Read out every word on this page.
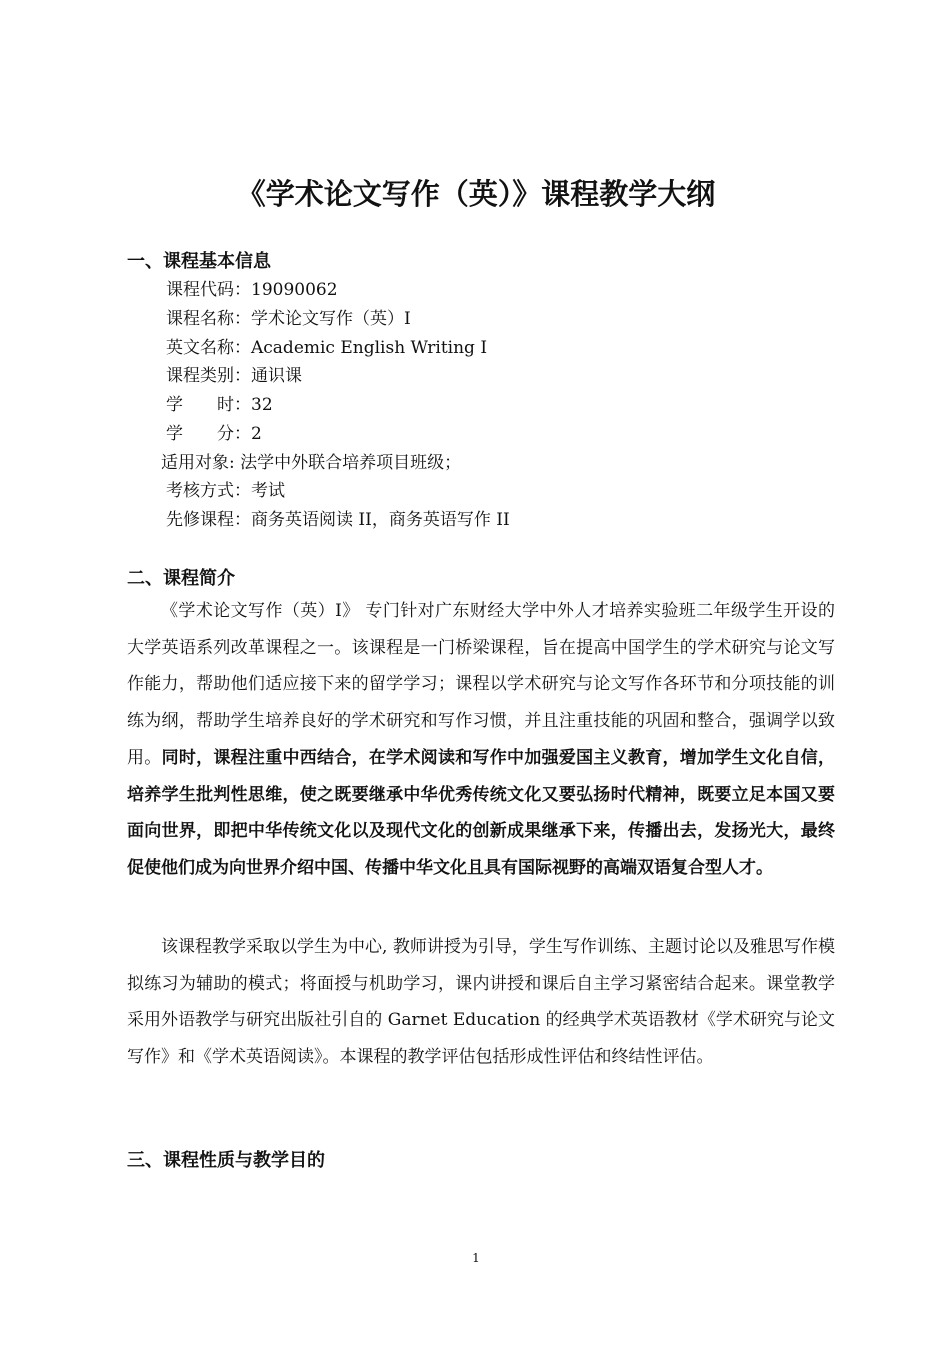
《学术论文写作（英）》课程教学大纲
一、课程基本信息
课程代码：19090062
课程名称：学术论文写作（英）I
英文名称：Academic English Writing I
课程类别：通识课
学　　时：32
学　　分：2
适用对象: 法学中外联合培养项目班级；
考核方式：考试
先修课程：商务英语阅读 II，商务英语写作 II
二、课程简介

《学术论文写作（英）I》 专门针对广东财经大学中外人才培养实验班二年级学生开设的大学英语系列改革课程之一。该课程是一门桥梁课程，旨在提高中国学生的学术研究与论文写作能力，帮助他们适应接下来的留学学习；课程以学术研究与论文写作各环节和分项技能的训练为纲，帮助学生培养良好的学术研究和写作习惯，并且注重技能的巩固和整合，强调学以致用。同时，课程注重中西结合，在学术阅读和写作中加强爱国主义教育，增加学生文化自信，培养学生批判性思维，使之既要继承中华优秀传统文化又要弘扬时代精神，既要立足本国又要面向世界，即把中华传统文化以及现代文化的创新成果继承下来，传播出去，发扬光大，最终促使他们成为向世界介绍中国、传播中华文化且具有国际视野的高端双语复合型人才。

该课程教学采取以学生为中心, 教师讲授为引导，学生写作训练、主题讨论以及雅思写作模拟练习为辅助的模式；将面授与机助学习，课内讲授和课后自主学习紧密结合起来。课堂教学采用外语教学与研究出版社引自的 Garnet Education 的经典学术英语教材《学术研究与论文写作》和《学术英语阅读》。本课程的教学评估包括形成性评估和终结性评估。

三、课程性质与教学目的
1
